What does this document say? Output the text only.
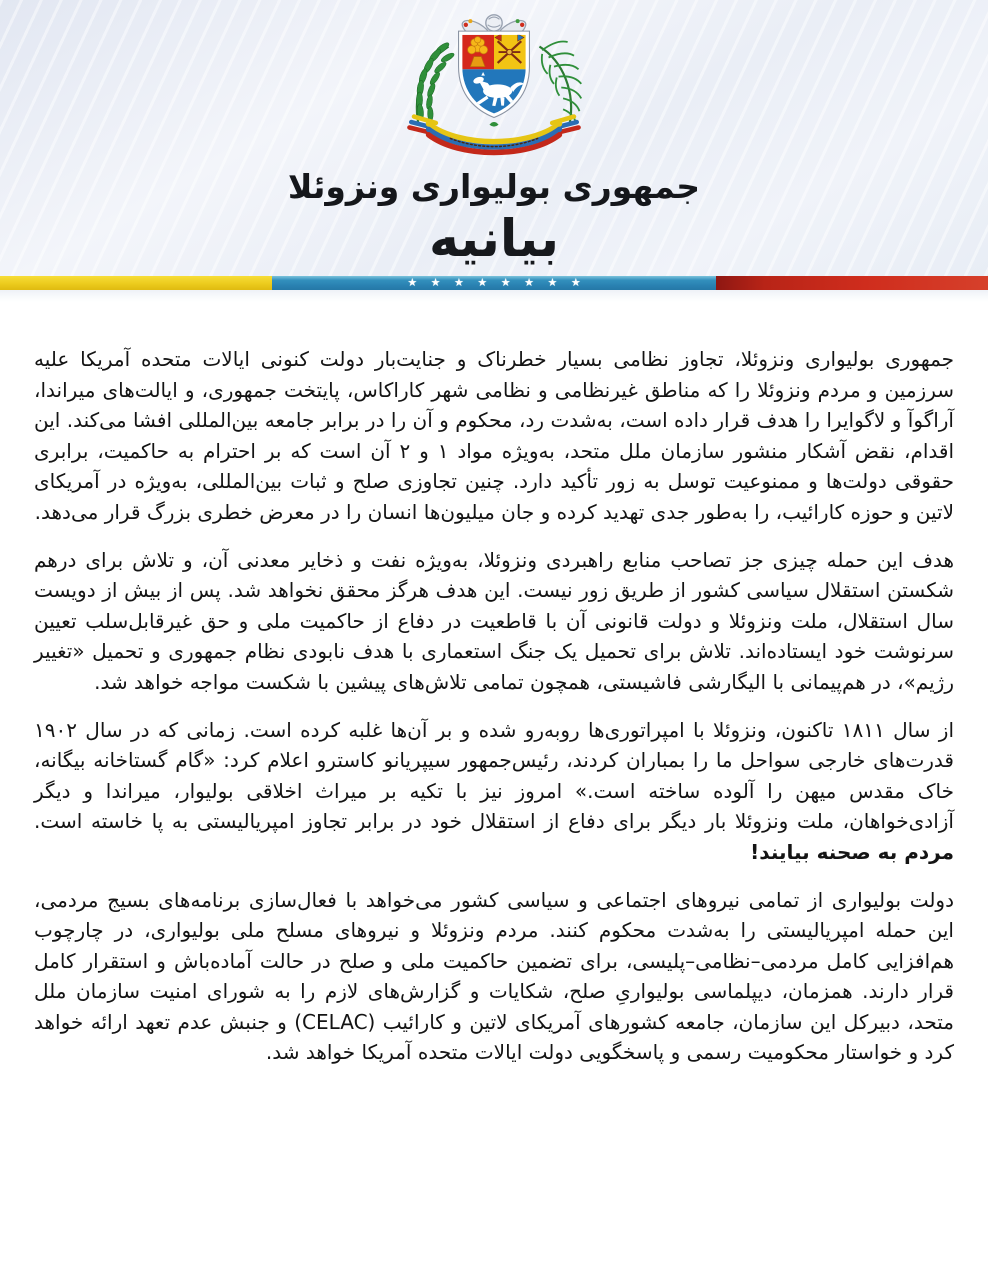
جمهوری بولیواری ونزوئلا
بیانیه
★ ★ ★ ★ ★ ★ ★ ★

جمهوری بولیواری ونزوئلا، تجاوز نظامی بسیار خطرناک و جنایت‌بار دولت کنونی ایالات متحده آمریکا علیه سرزمین و مردم ونزوئلا را که مناطق غیرنظامی و نظامی شهر کاراکاس، پایتخت جمهوری، و ایالت‌های میراندا، آراگوآ و لاگوایرا را هدف قرار داده است، به‌شدت رد، محکوم و آن را در برابر جامعه بین‌المللی افشا می‌کند. این اقدام، نقض آشکار منشور سازمان ملل متحد، به‌ویژه مواد ۱ و ۲ آن است که بر احترام به حاکمیت، برابری حقوقی دولت‌ها و ممنوعیت توسل به زور تأکید دارد. چنین تجاوزی صلح و ثبات بین‌المللی، به‌ویژه در آمریکای لاتین و حوزه کارائیب، را به‌طور جدی تهدید کرده و جان میلیون‌ها انسان را در معرض خطری بزرگ قرار می‌دهد.

هدف این حمله چیزی جز تصاحب منابع راهبردی ونزوئلا، به‌ویژه نفت و ذخایر معدنی آن، و تلاش برای درهم شکستن استقلال سیاسی کشور از طریق زور نیست. این هدف هرگز محقق نخواهد شد. پس از بیش از دویست سال استقلال، ملت ونزوئلا و دولت قانونی آن با قاطعیت در دفاع از حاکمیت ملی و حق غیرقابل‌سلب تعیین سرنوشت خود ایستاده‌اند. تلاش برای تحمیل یک جنگ استعماری با هدف نابودی نظام جمهوری و تحمیل «تغییر رژیم»، در هم‌پیمانی با الیگارشی فاشیستی، همچون تمامی تلاش‌های پیشین با شکست مواجه خواهد شد.

از سال ۱۸۱۱ تاکنون، ونزوئلا با امپراتوری‌ها روبه‌رو شده و بر آن‌ها غلبه کرده است. زمانی که در سال ۱۹۰۲ قدرت‌های خارجی سواحل ما را بمباران کردند، رئیس‌جمهور سیپریانو کاسترو اعلام کرد: «گام گستاخانه بیگانه، خاک مقدس میهن را آلوده ساخته است.» امروز نیز با تکیه بر میراث اخلاقی بولیوار، میراندا و دیگر آزادی‌خواهان، ملت ونزوئلا بار دیگر برای دفاع از استقلال خود در برابر تجاوز امپریالیستی به پا خاسته است. مردم به صحنه بیایند!

دولت بولیواری از تمامی نیروهای اجتماعی و سیاسی کشور می‌خواهد با فعال‌سازی برنامه‌های بسیج مردمی، این حمله امپریالیستی را به‌شدت محکوم کنند. مردم ونزوئلا و نیروهای مسلح ملی بولیواری، در چارچوب هم‌افزایی کامل مردمی–نظامی–پلیسی، برای تضمین حاکمیت ملی و صلح در حالت آماده‌باش و استقرار کامل قرار دارند. همزمان، دیپلماسی بولیواریِ صلح، شکایات و گزارش‌های لازم را به شورای امنیت سازمان ملل متحد، دبیرکل این سازمان، جامعه کشورهای آمریکای لاتین و کارائیب (CELAC) و جنبش عدم تعهد ارائه خواهد کرد و خواستار محکومیت رسمی و پاسخگویی دولت ایالات متحده آمریکا خواهد شد.
